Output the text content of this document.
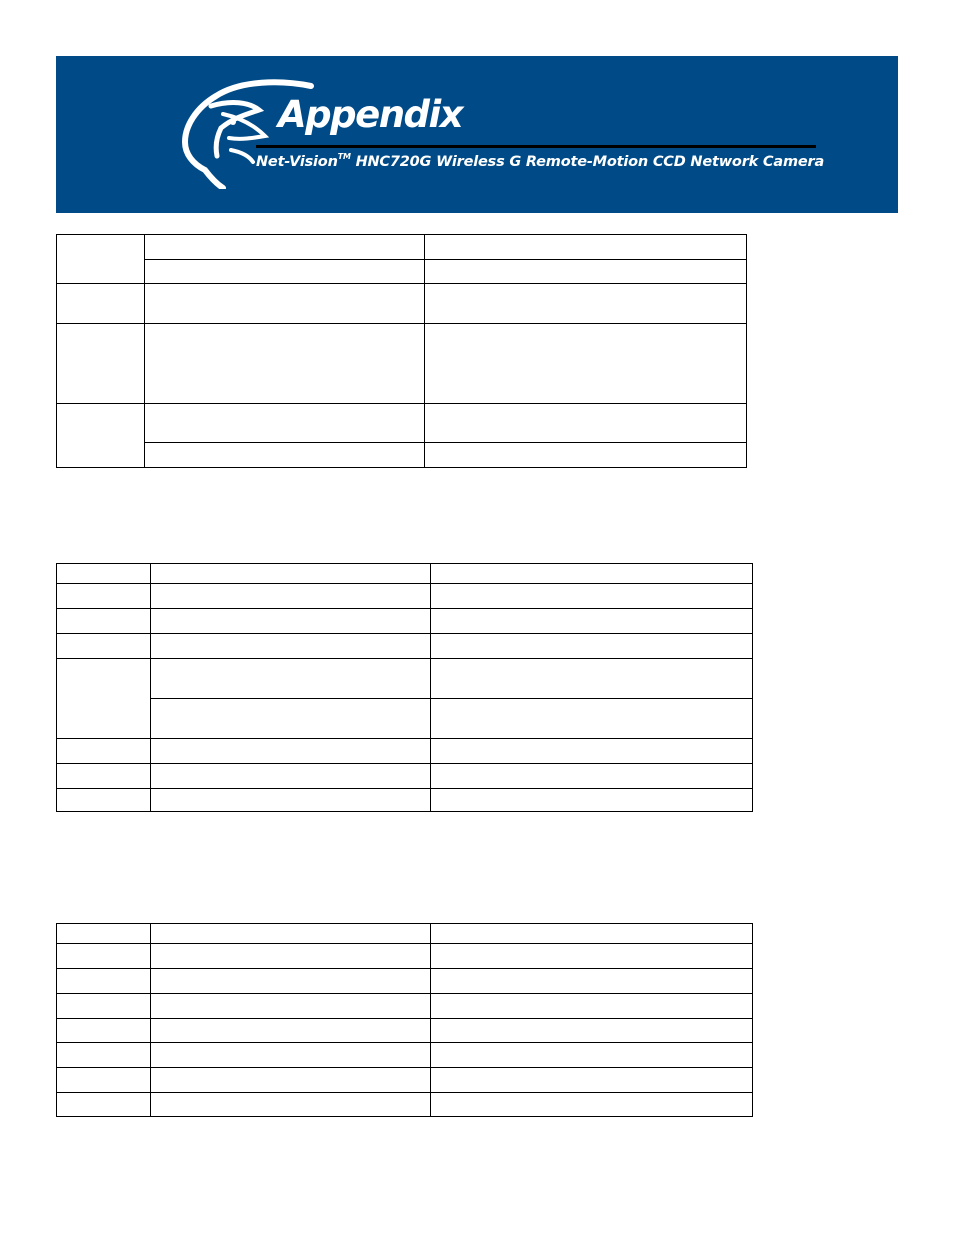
Appendix

Net-Vision™ HNC720G Wireless G Remote-Motion CCD Network Camera
